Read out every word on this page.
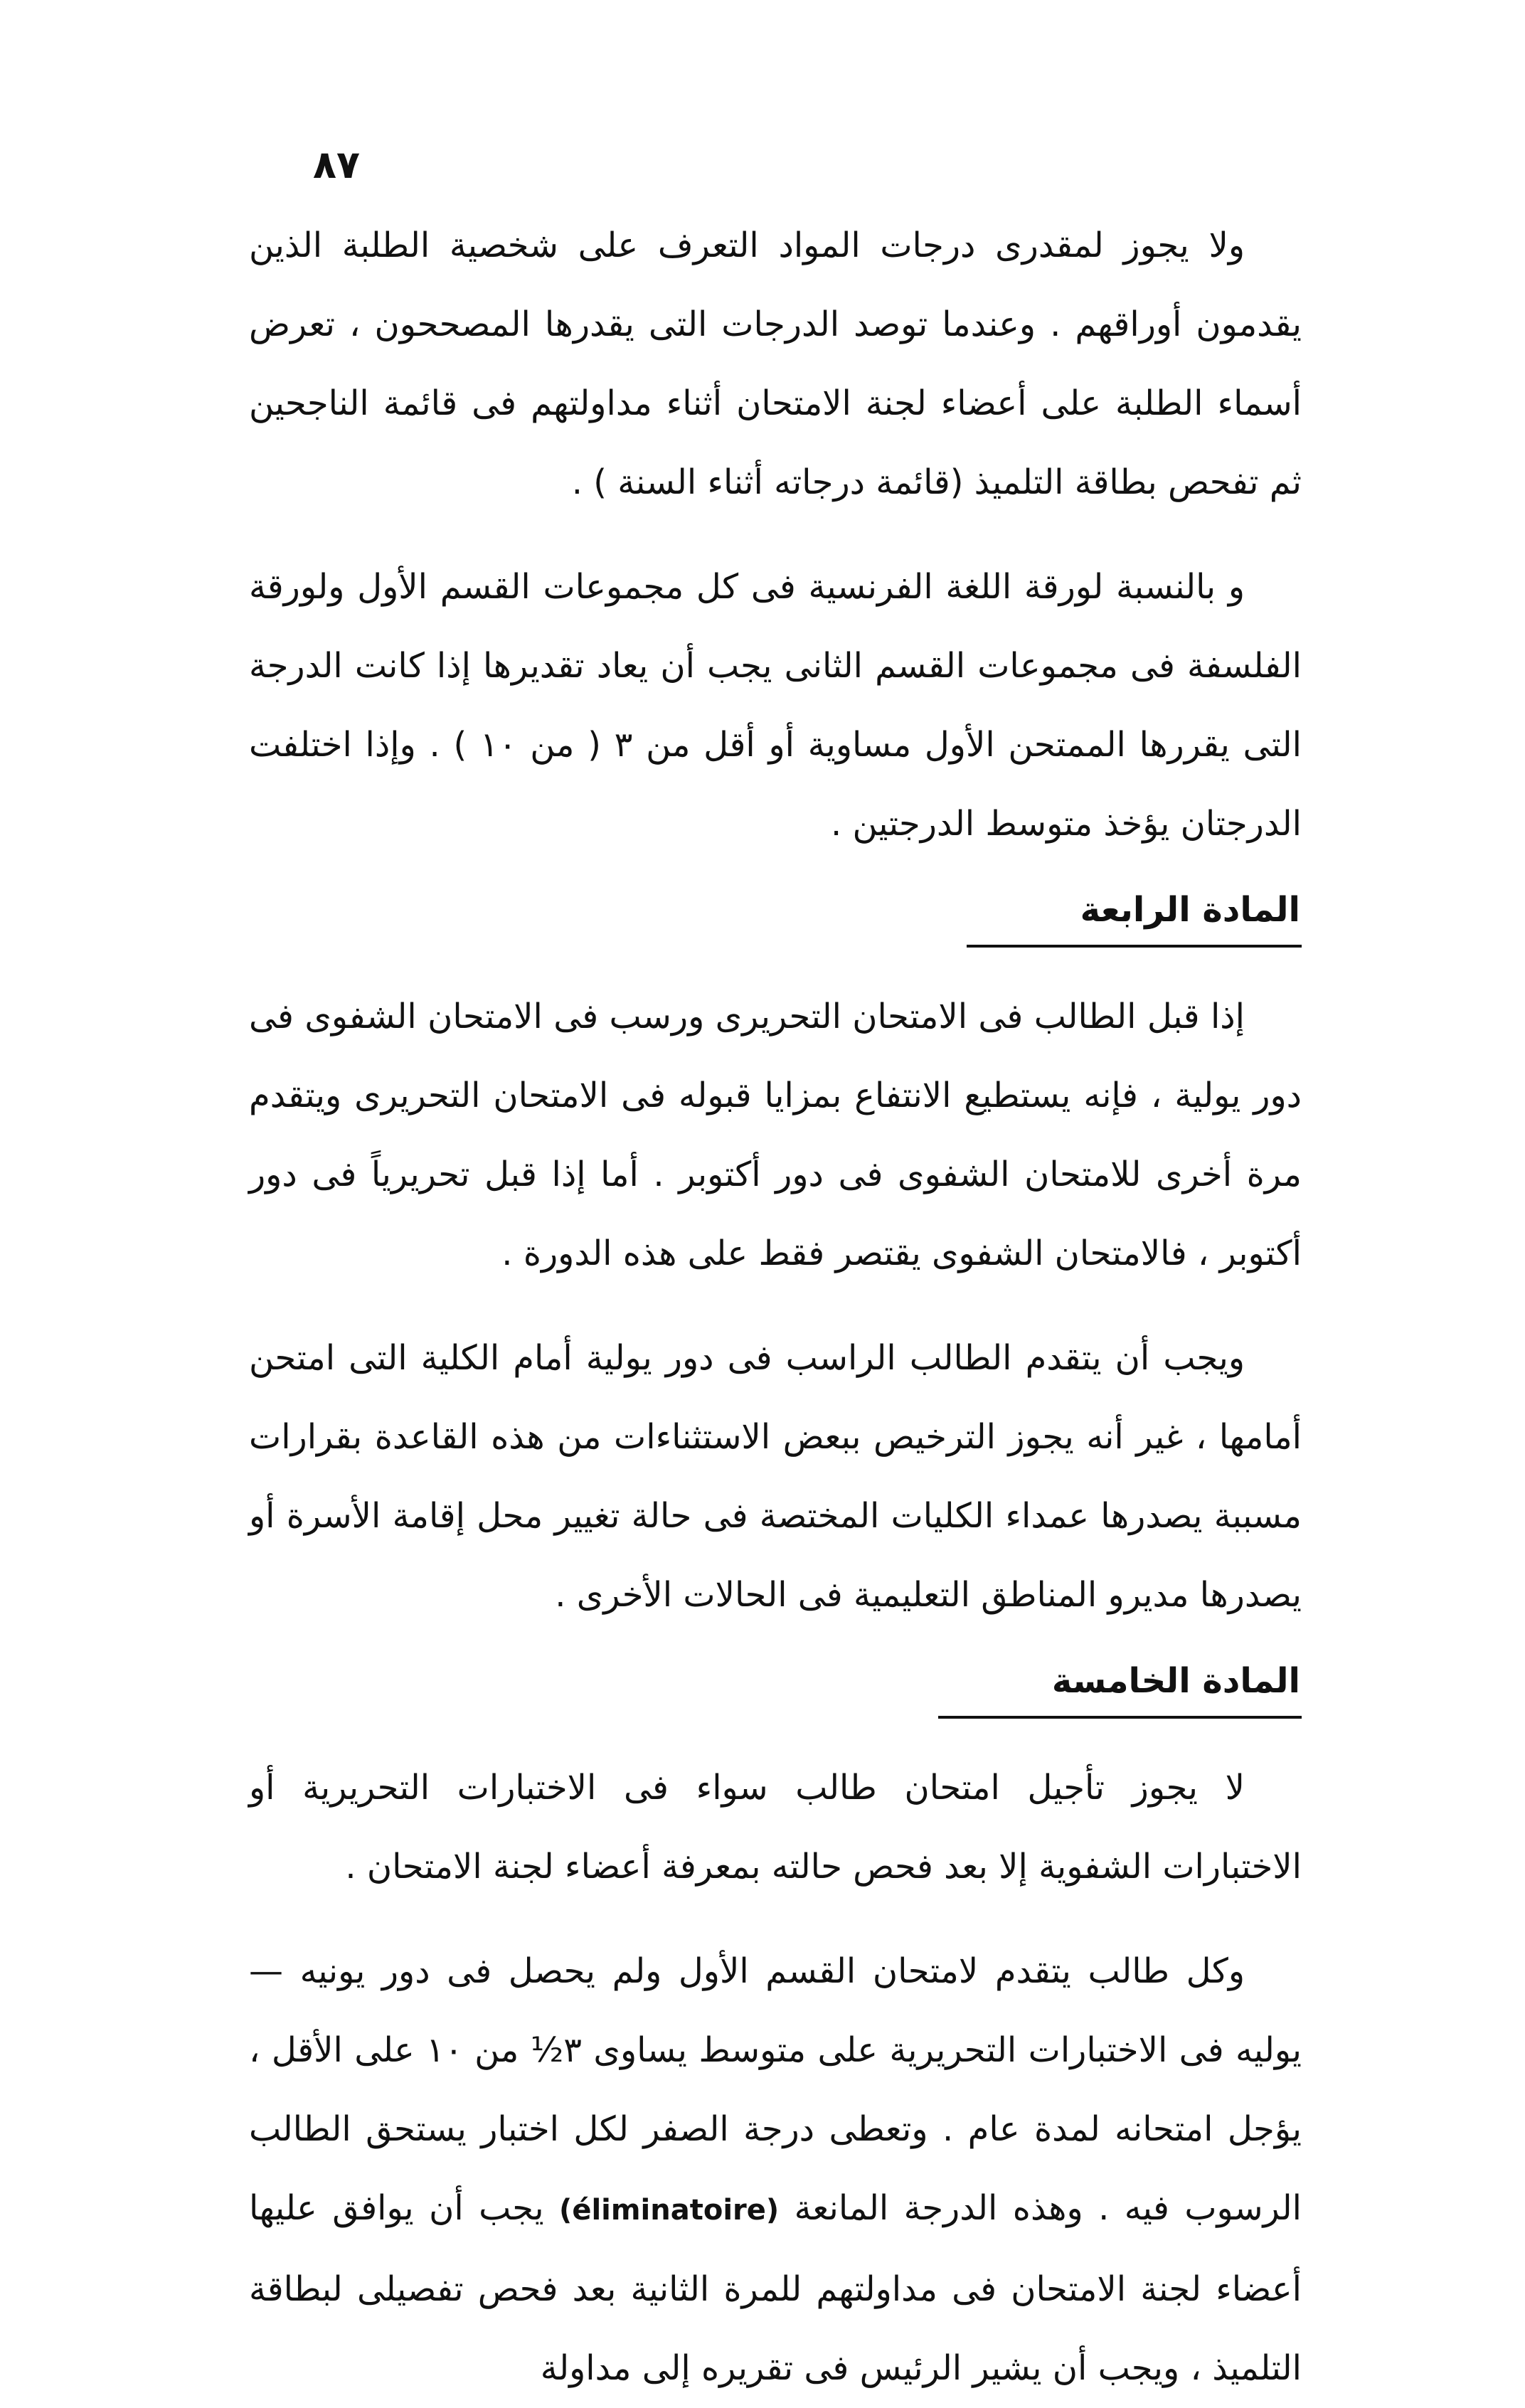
٨٧

ولا يجوز لمقدرى درجات المواد التعرف على شخصية الطلبة الذين يقدمون أوراقهم . وعندما توصد الدرجات التى يقدرها المصححون ، تعرض أسماء الطلبة على أعضاء لجنة الامتحان أثناء مداولتهم فى قائمة الناجحين ثم تفحص بطاقة التلميذ (قائمة درجاته أثناء السنة ) .

و بالنسبة لورقة اللغة الفرنسية فى كل مجموعات القسم الأول ولورقة الفلسفة فى مجموعات القسم الثانى يجب أن يعاد تقديرها إذا كانت الدرجة التى يقررها الممتحن الأول مساوية أو أقل من ٣ ( من ١٠ ) . وإذا اختلفت الدرجتان يؤخذ متوسط الدرجتين .

المادة الرابعة

إذا قبل الطالب فى الامتحان التحريرى ورسب فى الامتحان الشفوى فى دور يولية ، فإنه يستطيع الانتفاع بمزايا قبوله فى الامتحان التحريرى ويتقدم مرة أخرى للامتحان الشفوى فى دور أكتوبر . أما إذا قبل تحريرياً فى دور أكتوبر ، فالامتحان الشفوى يقتصر فقط على هذه الدورة .

ويجب أن يتقدم الطالب الراسب فى دور يولية أمام الكلية التى امتحن أمامها ، غير أنه يجوز الترخيص ببعض الاستثناءات من هذه القاعدة بقرارات مسببة يصدرها عمداء الكليات المختصة فى حالة تغيير محل إقامة الأسرة أو يصدرها مديرو المناطق التعليمية فى الحالات الأخرى .

المادة الخامسة

لا يجوز تأجيل امتحان طالب سواء فى الاختبارات التحريرية أو الاختبارات الشفوية إلا بعد فحص حالته بمعرفة أعضاء لجنة الامتحان .

وكل طالب يتقدم لامتحان القسم الأول ولم يحصل فى دور يونيه — يوليه فى الاختبارات التحريرية على متوسط يساوى ٣½ من ١٠ على الأقل ، يؤجل امتحانه لمدة عام . وتعطى درجة الصفر لكل اختبار يستحق الطالب الرسوب فيه . وهذه الدرجة المانعة (éliminatoire) يجب أن يوافق عليها أعضاء لجنة الامتحان فى مداولتهم للمرة الثانية بعد فحص تفصيلى لبطاقة التلميذ ، ويجب أن يشير الرئيس فى تقريره إلى مداولة
